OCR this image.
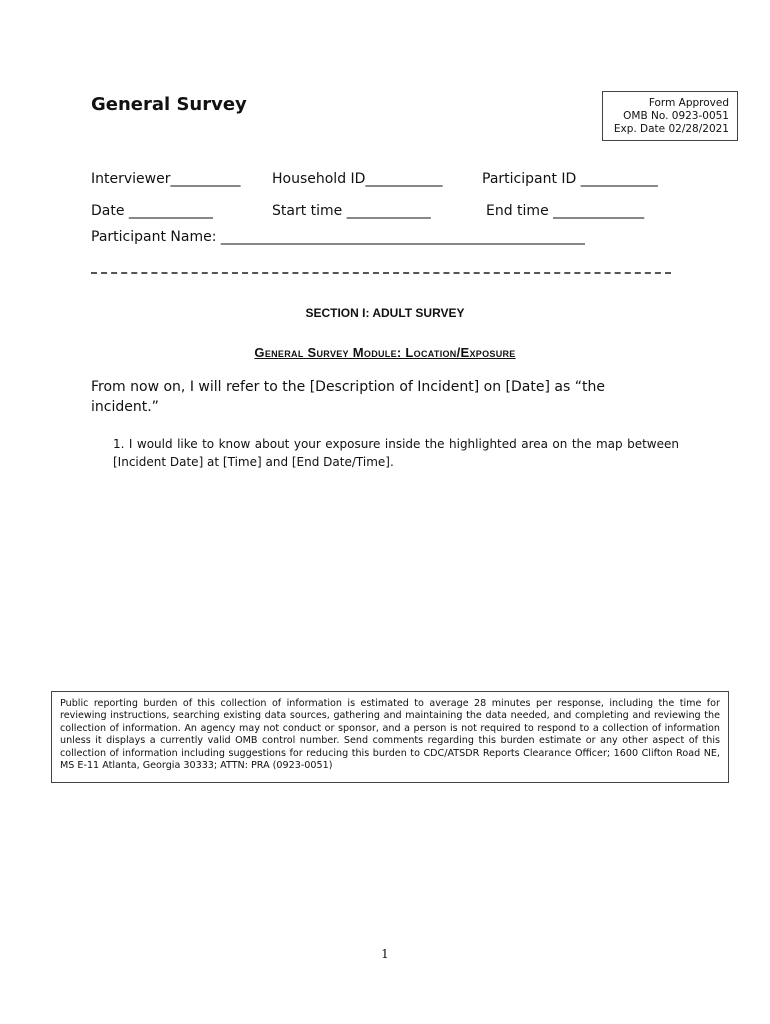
General Survey	Form Approved
OMB No. 0923-0051
Exp. Date 02/28/2021
Interviewer__________ Household ID___________	Participant ID ___________
Date ____________	Start time ____________	End time _____________
Participant Name: ____________________________________________________
SECTION I: ADULT SURVEY
General Survey Module: Location/Exposure
From now on, I will refer to the [Description of Incident] on [Date] as “the incident.”
1. I would like to know about your exposure inside the highlighted area on the map between [Incident Date] at [Time] and [End Date/Time].
Public reporting burden of this collection of information is estimated to average 28 minutes per response, including the time for reviewing instructions, searching existing data sources, gathering and maintaining the data needed, and completing and reviewing the collection of information. An agency may not conduct or sponsor, and a person is not required to respond to a collection of information unless it displays a currently valid OMB control number. Send comments regarding this burden estimate or any other aspect of this collection of information including suggestions for reducing this burden to CDC/ATSDR Reports Clearance Officer; 1600 Clifton Road NE, MS E-11 Atlanta, Georgia 30333; ATTN: PRA (0923-0051)
1
